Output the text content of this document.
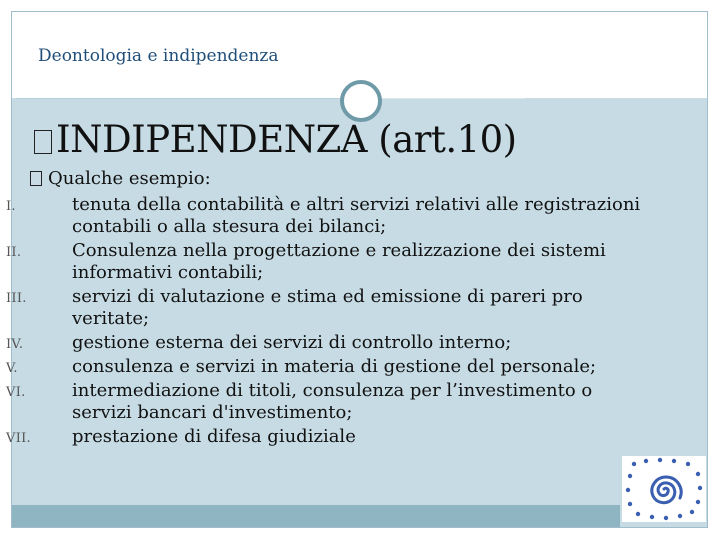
Deontologia e indipendenza
INDIPENDENZA (art.10)
Qualche esempio:
I.	tenuta della contabilità e altri servizi relativi alle registrazioni
contabili o alla stesura dei bilanci;
II.	Consulenza nella progettazione e realizzazione dei sistemi
informativi contabili;
III.	servizi di valutazione e stima ed emissione di pareri pro
veritate;
IV.	gestione esterna dei servizi di controllo interno;
V.	consulenza e servizi in materia di gestione del personale;
VI.	intermediazione di titoli, consulenza per l’investimento o
servizi bancari d'investimento;
VII. prestazione di difesa giudiziale
